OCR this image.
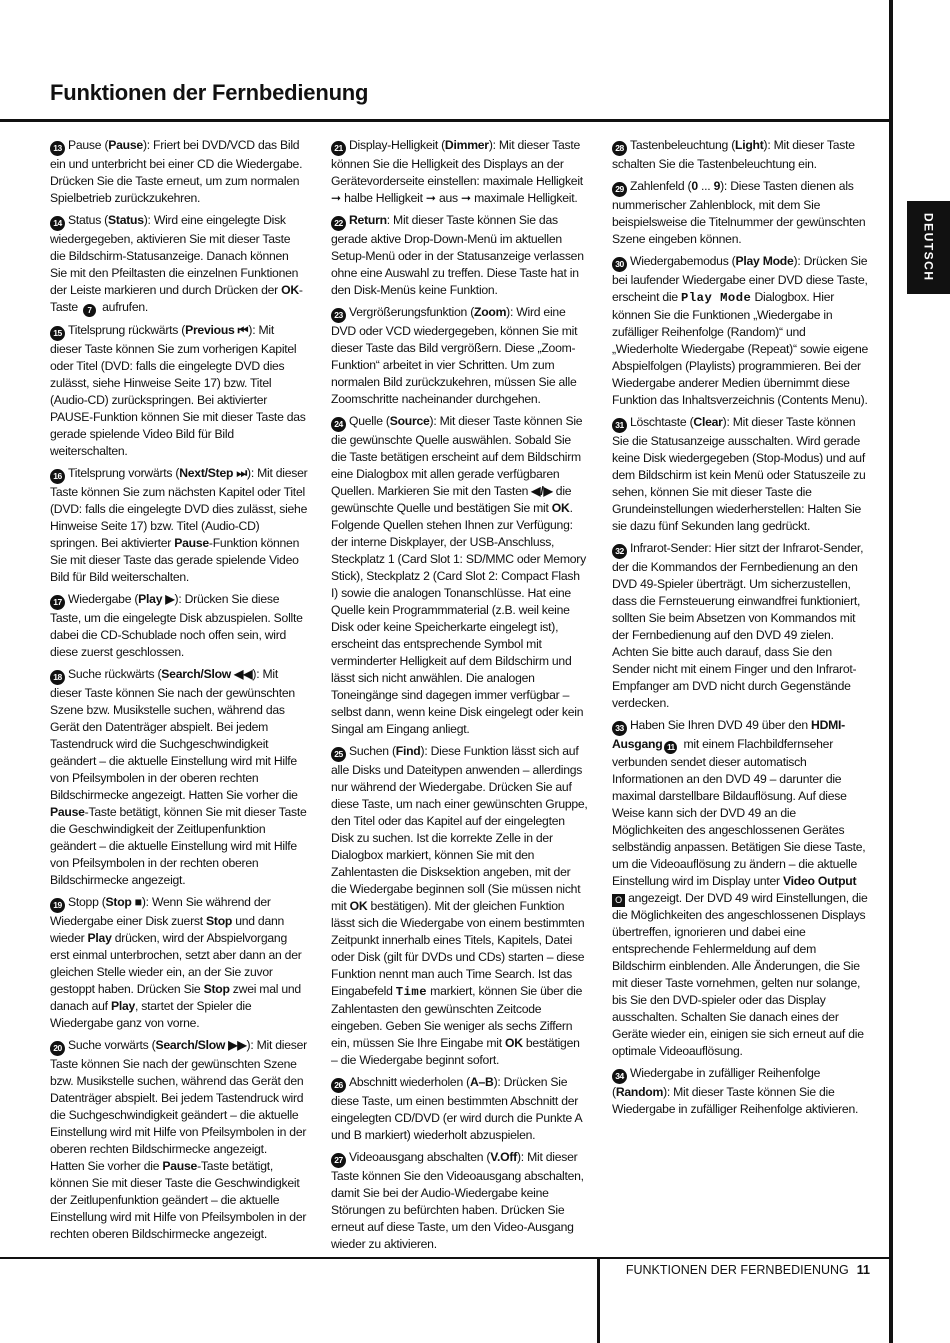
Funktionen der Fernbedienung
DEUTSCH

13 Pause (Pause): Friert bei DVD/VCD das Bild ein und unterbricht bei einer CD die Wiedergabe. Drücken Sie die Taste erneut, um zum normalen Spielbetrieb zurückzukehren.

14 Status (Status): Wird eine eingelegte Disk wiedergegeben, aktivieren Sie mit dieser Taste die Bildschirm-Statusanzeige. Danach können Sie mit den Pfeiltasten die einzelnen Funktionen der Leiste markieren und durch Drücken der OK-Taste 7 aufrufen.

15 Titelsprung rückwärts (Previous ⏮): Mit dieser Taste können Sie zum vorherigen Kapitel oder Titel (DVD: falls die eingelegte DVD dies zulässt, siehe Hinweise Seite 17) bzw. Titel (Audio-CD) zurückspringen. Bei aktivierter PAUSE-Funktion können Sie mit dieser Taste das gerade spielende Video Bild für Bild weiterschalten.

16 Titelsprung vorwärts (Next/Step ⏭): Mit dieser Taste können Sie zum nächsten Kapitel oder Titel (DVD: falls die eingelegte DVD dies zulässt, siehe Hinweise Seite 17) bzw. Titel (Audio-CD) springen. Bei aktivierter Pause-Funktion können Sie mit dieser Taste das gerade spielende Video Bild für Bild weiterschalten.

17 Wiedergabe (Play ▶): Drücken Sie diese Taste, um die eingelegte Disk abzuspielen. Sollte dabei die CD-Schublade noch offen sein, wird diese zuerst geschlossen.

18 Suche rückwärts (Search/Slow ◀◀): Mit dieser Taste können Sie nach der gewünschten Szene bzw. Musikstelle suchen, während das Gerät den Datenträger abspielt. Bei jedem Tastendruck wird die Suchgeschwindigkeit geändert – die aktuelle Einstellung wird mit Hilfe von Pfeilsymbolen in der oberen rechten Bildschirmecke angezeigt. Hatten Sie vorher die Pause-Taste betätigt, können Sie mit dieser Taste die Geschwindigkeit der Zeitlupenfunktion geändert – die aktuelle Einstellung wird mit Hilfe von Pfeilsymbolen in der rechten oberen Bildschirmecke angezeigt.

19 Stopp (Stop ■): Wenn Sie während der Wiedergabe einer Disk zuerst Stop und dann wieder Play drücken, wird der Abspielvorgang erst einmal unterbrochen, setzt aber dann an der gleichen Stelle wieder ein, an der Sie zuvor gestoppt haben. Drücken Sie Stop zwei mal und danach auf Play, startet der Spieler die Wiedergabe ganz von vorne.

20 Suche vorwärts (Search/Slow ▶▶): Mit dieser Taste können Sie nach der gewünschten Szene bzw. Musikstelle suchen, während das Gerät den Datenträger abspielt. Bei jedem Tastendruck wird die Suchgeschwindigkeit geändert – die aktuelle Einstellung wird mit Hilfe von Pfeilsymbolen in der oberen rechten Bildschirmecke angezeigt.
Hatten Sie vorher die Pause-Taste betätigt, können Sie mit dieser Taste die Geschwindigkeit der Zeitlupenfunktion geändert – die aktuelle Einstellung wird mit Hilfe von Pfeilsymbolen in der rechten oberen Bildschirmecke angezeigt.

21 Display-Helligkeit (Dimmer): Mit dieser Taste können Sie die Helligkeit des Displays an der Gerätevorderseite einstellen: maximale Helligkeit ➞ halbe Helligkeit ➞ aus ➞ maximale Helligkeit.

22 Return: Mit dieser Taste können Sie das gerade aktive Drop-Down-Menü im aktuellen Setup-Menü oder in der Statusanzeige verlassen ohne eine Auswahl zu treffen. Diese Taste hat in den Disk-Menüs keine Funktion.

23 Vergrößerungsfunktion (Zoom): Wird eine DVD oder VCD wiedergegeben, können Sie mit dieser Taste das Bild vergrößern. Diese „Zoom-Funktion“ arbeitet in vier Schritten. Um zum normalen Bild zurückzukehren, müssen Sie alle Zoomschritte nacheinander durchgehen.

24 Quelle (Source): Mit dieser Taste können Sie die gewünschte Quelle auswählen. Sobald Sie die Taste betätigen erscheint auf dem Bildschirm eine Dialogbox mit allen gerade verfügbaren Quellen. Markieren Sie mit den Tasten ◀/▶ die gewünschte Quelle und bestätigen Sie mit OK. Folgende Quellen stehen Ihnen zur Verfügung: der interne Diskplayer, der USB-Anschluss, Steckplatz 1 (Card Slot 1: SD/MMC oder Memory Stick), Steckplatz 2 (Card Slot 2: Compact Flash I) sowie die analogen Tonanschlüsse. Hat eine Quelle kein Programmmaterial (z.B. weil keine Disk oder keine Speicherkarte eingelegt ist), erscheint das entsprechende Symbol mit verminderter Helligkeit auf dem Bildschirm und lässt sich nicht anwählen. Die analogen Toneingänge sind dagegen immer verfügbar – selbst dann, wenn keine Disk eingelegt oder kein Singal am Eingang anliegt.

25 Suchen (Find): Diese Funktion lässt sich auf alle Disks und Dateitypen anwenden – allerdings nur während der Wiedergabe. Drücken Sie auf diese Taste, um nach einer gewünschten Gruppe, den Titel oder das Kapitel auf der eingelegten Disk zu suchen. Ist die korrekte Zelle in der Dialogbox markiert, können Sie mit den Zahlentasten die Disksektion angeben, mit der die Wiedergabe beginnen soll (Sie müssen nicht mit OK bestätigen). Mit der gleichen Funktion lässt sich die Wiedergabe von einem bestimmten Zeitpunkt innerhalb eines Titels, Kapitels, Datei oder Disk (gilt für DVDs und CDs) starten – diese Funktion nennt man auch Time Search. Ist das Eingabefeld Time markiert, können Sie über die Zahlentasten den gewünschten Zeitcode eingeben. Geben Sie weniger als sechs Ziffern ein, müssen Sie Ihre Eingabe mit OK bestätigen – die Wiedergabe beginnt sofort.

26 Abschnitt wiederholen (A–B): Drücken Sie diese Taste, um einen bestimmten Abschnitt der eingelegten CD/DVD (er wird durch die Punkte A und B markiert) wiederholt abzuspielen.

27 Videoausgang abschalten (V.Off): Mit dieser Taste können Sie den Videoausgang abschalten, damit Sie bei der Audio-Wiedergabe keine Störungen zu befürchten haben. Drücken Sie erneut auf diese Taste, um den Video-Ausgang wieder zu aktivieren.

28 Tastenbeleuchtung (Light): Mit dieser Taste schalten Sie die Tastenbeleuchtung ein.

29 Zahlenfeld (0 ... 9): Diese Tasten dienen als nummerischer Zahlenblock, mit dem Sie beispielsweise die Titelnummer der gewünschten Szene eingeben können.

30 Wiedergabemodus (Play Mode): Drücken Sie bei laufender Wiedergabe einer DVD diese Taste, erscheint die Play Mode Dialogbox. Hier können Sie die Funktionen „Wiedergabe in zufälliger Reihenfolge (Random)“ und „Wiederholte Wiedergabe (Repeat)“ sowie eigene Abspielfolgen (Playlists) programmieren. Bei der Wiedergabe anderer Medien übernimmt diese Funktion das Inhaltsverzeichnis (Contents Menu).

31 Löschtaste (Clear): Mit dieser Taste können Sie die Statusanzeige ausschalten. Wird gerade keine Disk wiedergegeben (Stop-Modus) und auf dem Bildschirm ist kein Menü oder Statuszeile zu sehen, können Sie mit dieser Taste die Grundeinstellungen wiederherstellen: Halten Sie sie dazu fünf Sekunden lang gedrückt.

32 Infrarot-Sender: Hier sitzt der Infrarot-Sender, der die Kommandos der Fernbedienung an den DVD 49-Spieler überträgt. Um sicherzustellen, dass die Fernsteuerung einwandfrei funktioniert, sollten Sie beim Absetzen von Kommandos mit der Fernbedienung auf den DVD 49 zielen. Achten Sie bitte auch darauf, dass Sie den Sender nicht mit einem Finger und den Infrarot-Empfanger am DVD nicht durch Gegenstände verdecken.

33 Haben Sie Ihren DVD 49 über den HDMI-Ausgang 11 mit einem Flachbildfernseher verbunden sendet dieser automatisch Informationen an den DVD 49 – darunter die maximal darstellbare Bildauflösung. Auf diese Weise kann sich der DVD 49 an die Möglichkeiten des angeschlossenen Gerätes selbständig anpassen. Betätigen Sie diese Taste, um die Videoauflösung zu ändern – die aktuelle Einstellung wird im Display unter Video Output O angezeigt. Der DVD 49 wird Einstellungen, die die Möglichkeiten des angeschlossenen Displays übertreffen, ignorieren und dabei eine entsprechende Fehlermeldung auf dem Bildschirm einblenden. Alle Änderungen, die Sie mit dieser Taste vornehmen, gelten nur solange, bis Sie den DVD-spieler oder das Display ausschalten. Schalten Sie danach eines der Geräte wieder ein, einigen sie sich erneut auf die optimale Videoauflösung.

34 Wiedergabe in zufälliger Reihenfolge (Random): Mit dieser Taste können Sie die Wiedergabe in zufälliger Reihenfolge aktivieren.

FUNKTIONEN DER FERNBEDIENUNG 11
